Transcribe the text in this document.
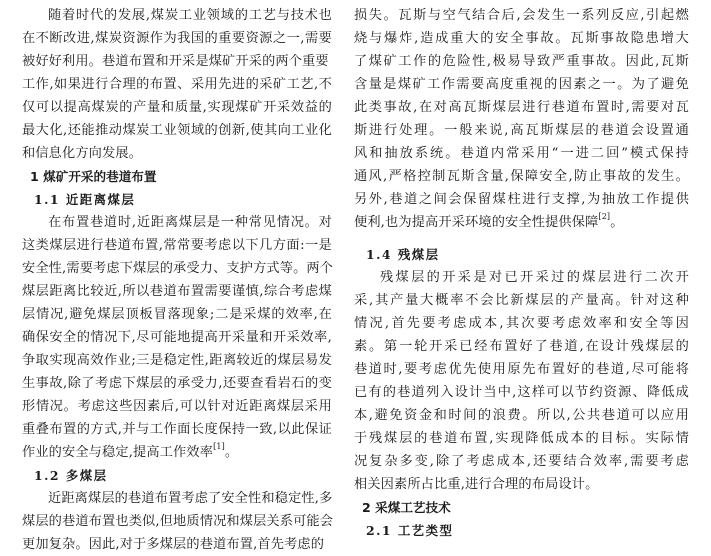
随着时代的发展,煤炭工业领域的工艺与技术也
在不断改进,煤炭资源作为我国的重要资源之一,需要
被好好利用。巷道布置和开采是煤矿开采的两个重要
工作,如果进行合理的布置、采用先进的采矿工艺,不
仅可以提高煤炭的产量和质量,实现煤矿开采效益的
最大化,还能推动煤炭工业领域的创新,使其向工业化
和信息化方向发展。
1 煤矿开采的巷道布置
1.1 近距离煤层
在布置巷道时,近距离煤层是一种常见情况。对
这类煤层进行巷道布置,常常要考虑以下几方面:一是
安全性,需要考虑下煤层的承受力、支护方式等。两个
煤层距离比较近,所以巷道布置需要谨慎,综合考虑煤
层情况,避免煤层顶板冒落现象;二是采煤的效率,在
确保安全的情况下,尽可能地提高开采量和开采效率,
争取实现高效作业;三是稳定性,距离较近的煤层易发
生事故,除了考虑下煤层的承受力,还要查看岩石的变
形情况。考虑这些因素后,可以针对近距离煤层采用
重叠布置的方式,并与工作面长度保持一致,以此保证
作业的安全与稳定,提高工作效率[1]。
1.2 多煤层
近距离煤层的巷道布置考虑了安全性和稳定性,多
煤层的巷道布置也类似,但地质情况和煤层关系可能会
更加复杂。因此,对于多煤层的巷道布置,首先考虑的
损失。瓦斯与空气结合后,会发生一系列反应,引起燃
烧与爆炸,造成重大的安全事故。瓦斯事故隐患增大
了煤矿工作的危险性,极易导致严重事故。因此,瓦斯
含量是煤矿工作需要高度重视的因素之一。为了避免
此类事故,在对高瓦斯煤层进行巷道布置时,需要对瓦
斯进行处理。一般来说,高瓦斯煤层的巷道会设置通
风和抽放系统。巷道内常采用“一进二回”模式保持
通风,严格控制瓦斯含量,保障安全,防止事故的发生。
另外,巷道之间会保留煤柱进行支撑,为抽放工作提供
便利,也为提高开采环境的安全性提供保障[2]。
1.4 残煤层
残煤层的开采是对已开采过的煤层进行二次开
采,其产量大概率不会比新煤层的产量高。针对这种
情况,首先要考虑成本,其次要考虑效率和安全等因
素。第一轮开采已经布置好了巷道,在设计残煤层的
巷道时,要考虑优先使用原先布置好的巷道,尽可能将
已有的巷道列入设计当中,这样可以节约资源、降低成
本,避免资金和时间的浪费。所以,公共巷道可以应用
于残煤层的巷道布置,实现降低成本的目标。实际情
况复杂多变,除了考虑成本,还要结合效率,需要考虑
相关因素所占比重,进行合理的布局设计。
2 采煤工艺技术
2.1 工艺类型
